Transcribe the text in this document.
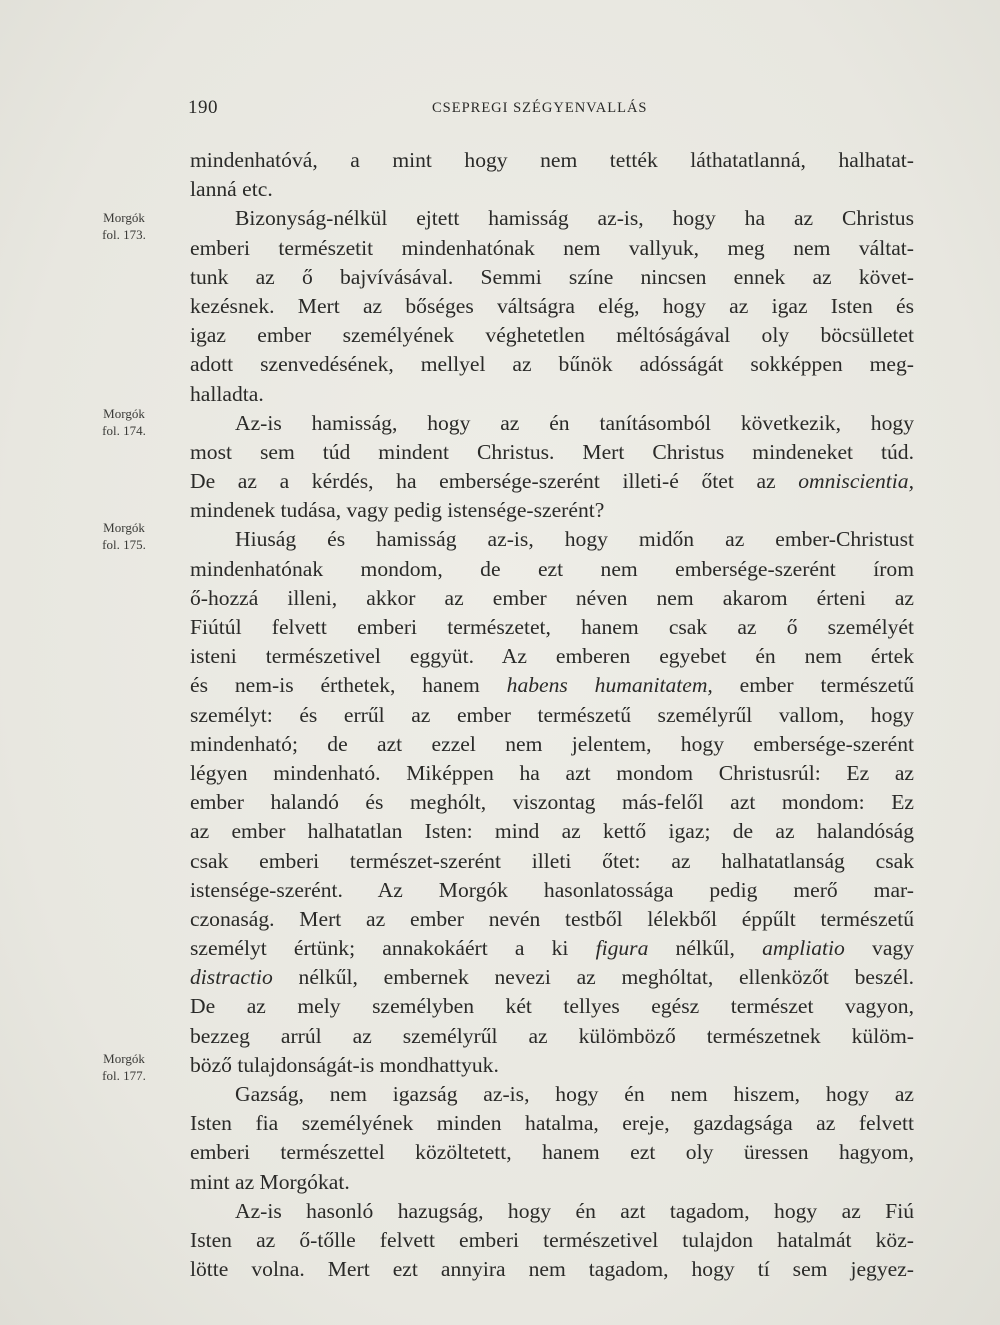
190	CSEPREGI SZÉGYENVALLÁS
Morgók
fol. 173.
Morgók
fol. 174.
Morgók
fol. 175.
Morgók
fol. 177.
mindenhatóvá, a mint hogy nem tették láthatatlanná, halhatat-
lanná etc.
Bizonyság-nélkül ejtett hamisság az-is, hogy ha az Christus
emberi természetit mindenhatónak nem vallyuk, meg nem váltat-
tunk az ő bajvívásával. Semmi színe nincsen ennek az követ-
kezésnek. Mert az bőséges váltságra elég, hogy az igaz Isten és
igaz ember személyének véghetetlen méltóságával oly böcsülletet
adott szenvedésének, mellyel az bűnök adósságát sokképpen meg-
halladta.
Az-is hamisság, hogy az én tanításomból következik, hogy
most sem túd mindent Christus. Mert Christus mindeneket túd.
De az a kérdés, ha embersége-szerént illeti-é őtet az omniscientia,
mindenek tudása, vagy pedig istensége-szerént?
Hiuság és hamisság az-is, hogy midőn az ember-Christust
mindenhatónak mondom, de ezt nem embersége-szerént írom
ő-hozzá illeni, akkor az ember néven nem akarom érteni az
Fiútúl felvett emberi természetet, hanem csak az ő személyét
isteni természetivel eggyüt. Az emberen egyebet én nem értek
és nem-is érthetek, hanem habens humanitatem, ember természetű
személyt: és errűl az ember természetű személyrűl vallom, hogy
mindenható; de azt ezzel nem jelentem, hogy embersége-szerént
légyen mindenható. Miképpen ha azt mondom Christusrúl: Ez az
ember halandó és meghólt, viszontag más-felől azt mondom: Ez
az ember halhatatlan Isten: mind az kettő igaz; de az halandóság
csak emberi természet-szerént illeti őtet: az halhatatlanság csak
istensége-szerént. Az Morgók hasonlatossága pedig merő mar-
czonaság. Mert az ember nevén testből lélekből éppűlt természetű
személyt értünk; annakokáért a ki figura nélkűl, ampliatio vagy
distractio nélkűl, embernek nevezi az meghóltat, ellenközőt beszél.
De az mely személyben két tellyes egész természet vagyon,
bezzeg arrúl az személyrűl az külömböző természetnek külöm-
böző tulajdonságát-is mondhattyuk.
Gazság, nem igazság az-is, hogy én nem hiszem, hogy az
Isten fia személyének minden hatalma, ereje, gazdagsága az felvett
emberi természettel közöltetett, hanem ezt oly üressen hagyom,
mint az Morgókat.
Az-is hasonló hazugság, hogy én azt tagadom, hogy az Fiú
Isten az ő-tőlle felvett emberi természetivel tulajdon hatalmát köz-
lötte volna. Mert ezt annyira nem tagadom, hogy tí sem jegyez-
